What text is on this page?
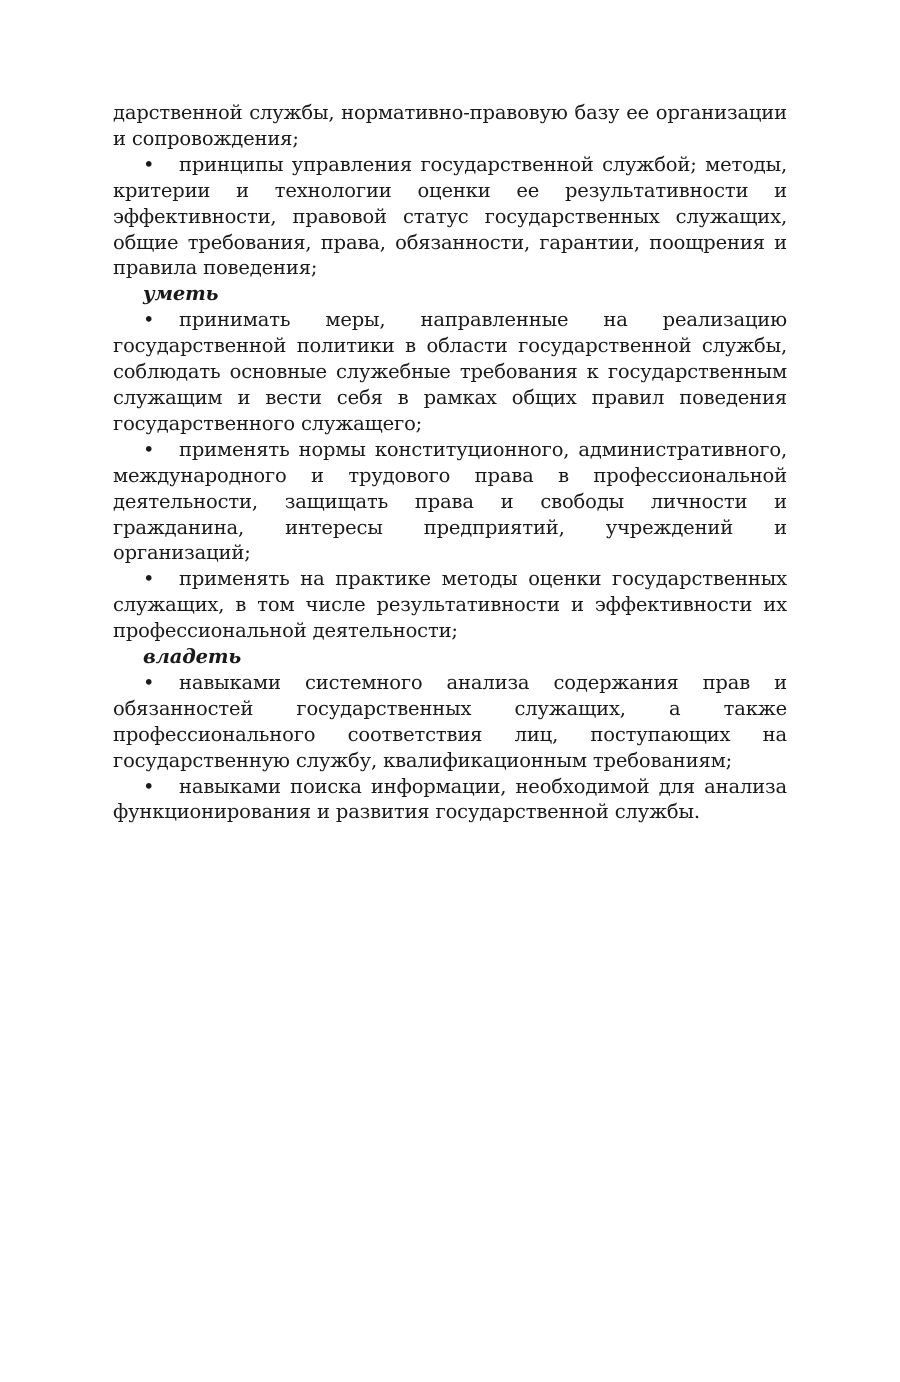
дарственной службы, нормативно-правовую базу ее организации и сопровождения;

• принципы управления государственной службой; методы, критерии и технологии оценки ее результативности и эффективности, правовой статус государственных служащих, общие требования, права, обязанности, гарантии, поощрения и правила поведения;

уметь

• принимать меры, направленные на реализацию государственной политики в области государственной службы, соблюдать основные служебные требования к государственным служащим и вести себя в рамках общих правил поведения государственного служащего;

• применять нормы конституционного, административного, международного и трудового права в профессиональной деятельности, защищать права и свободы личности и гражданина, интересы предприятий, учреждений и организаций;

• применять на практике методы оценки государственных служащих, в том числе результативности и эффективности их профессиональной деятельности;

владеть

• навыками системного анализа содержания прав и обязанностей государственных служащих, а также профессионального соответствия лиц, поступающих на государственную службу, квалификационным требованиям;

• навыками поиска информации, необходимой для анализа функционирования и развития государственной службы.
